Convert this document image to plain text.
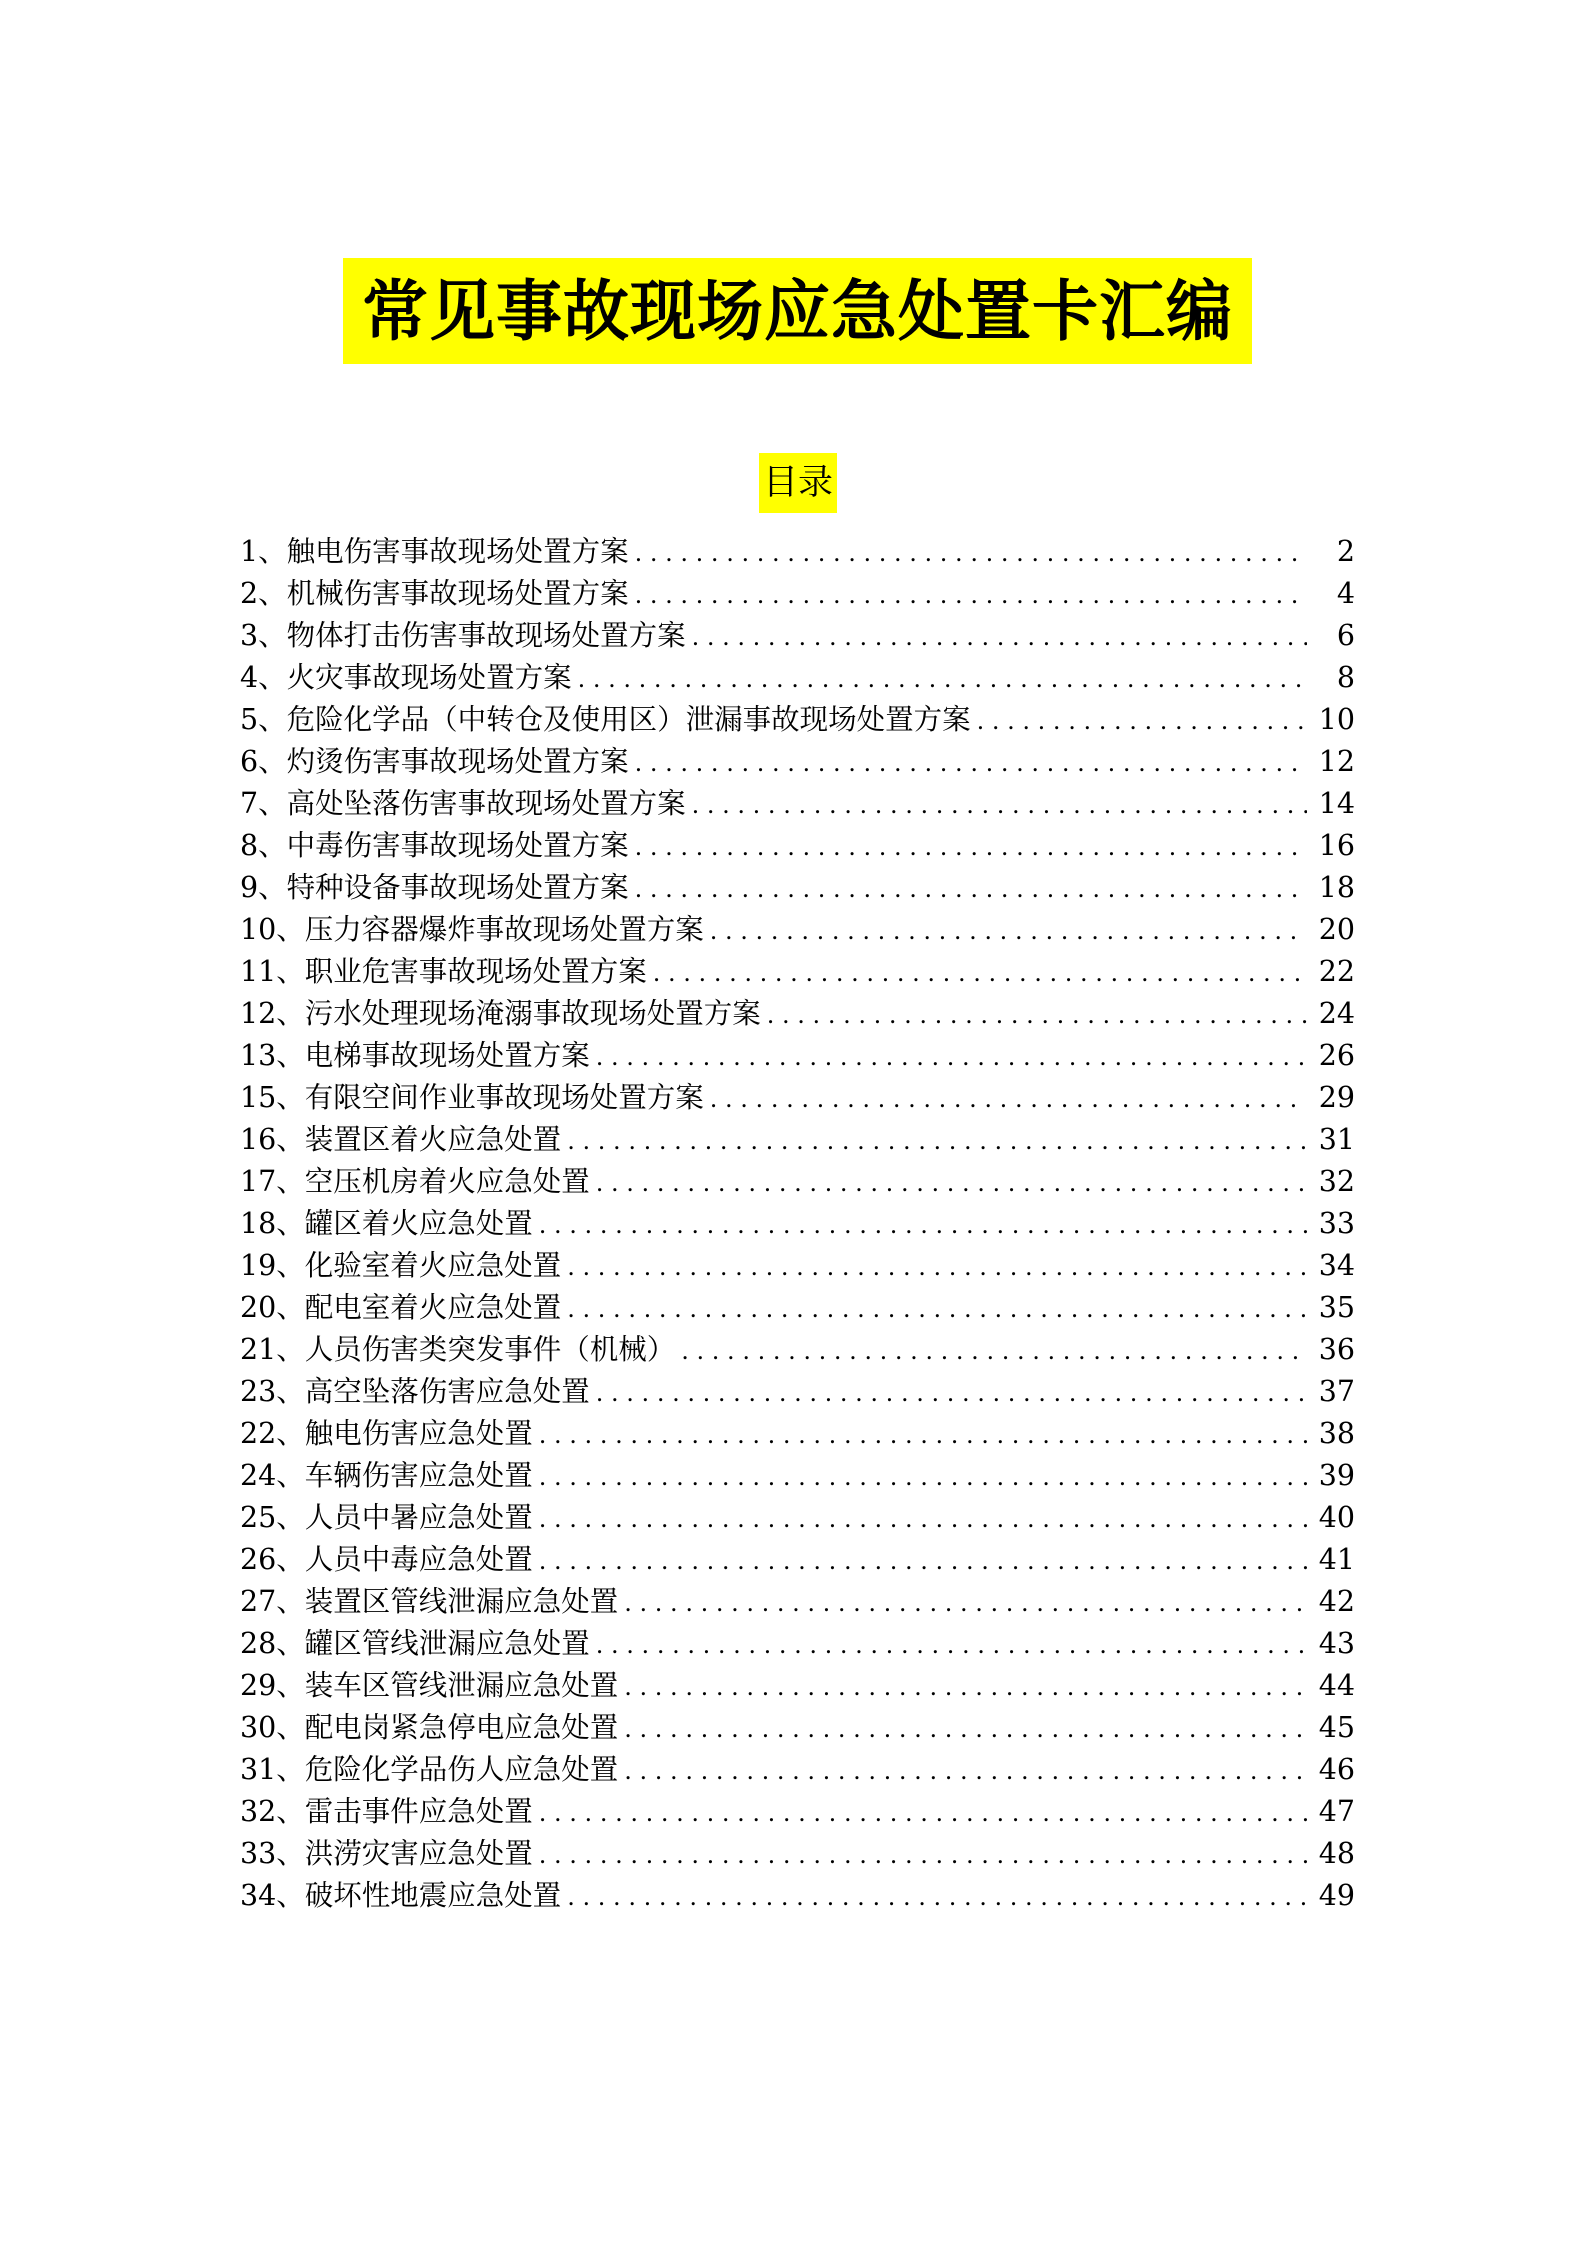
常见事故现场应急处置卡汇编
目录
1、触电伤害事故现场处置方案 . . .	2
2、机械伤害事故现场处置方案 . . .	4
3、物体打击伤害事故现场处置方案 . . .	6
4、火灾事故现场处置方案 . . .	8
5、危险化学品（中转仓及使用区）泄漏事故现场处置方案 . . .	10
6、灼烫伤害事故现场处置方案 . . .	12
7、高处坠落伤害事故现场处置方案 . . .	14
8、中毒伤害事故现场处置方案 . . .	16
9、特种设备事故现场处置方案 . . .	18
10、压力容器爆炸事故现场处置方案 . . .	20
11、职业危害事故现场处置方案 . . .	22
12、污水处理现场淹溺事故现场处置方案 . . .	24
13、电梯事故现场处置方案 . . .	26
15、有限空间作业事故现场处置方案 . . .	29
16、装置区着火应急处置 . . .	31
17、空压机房着火应急处置 . . .	32
18、罐区着火应急处置 . . .	33
19、化验室着火应急处置 . . .	34
20、配电室着火应急处置 . . .	35
21、人员伤害类突发事件（机械） . . .	36
23、高空坠落伤害应急处置 . . .	37
22、触电伤害应急处置 . . .	38
24、车辆伤害应急处置 . . .	39
25、人员中暑应急处置 . . .	40
26、人员中毒应急处置 . . .	41
27、装置区管线泄漏应急处置 . . .	42
28、罐区管线泄漏应急处置 . . .	43
29、装车区管线泄漏应急处置 . . .	44
30、配电岗紧急停电应急处置 . . .	45
31、危险化学品伤人应急处置 . . .	46
32、雷击事件应急处置 . . .	47
33、洪涝灾害应急处置 . . .	48
34、破坏性地震应急处置 . . .	49
